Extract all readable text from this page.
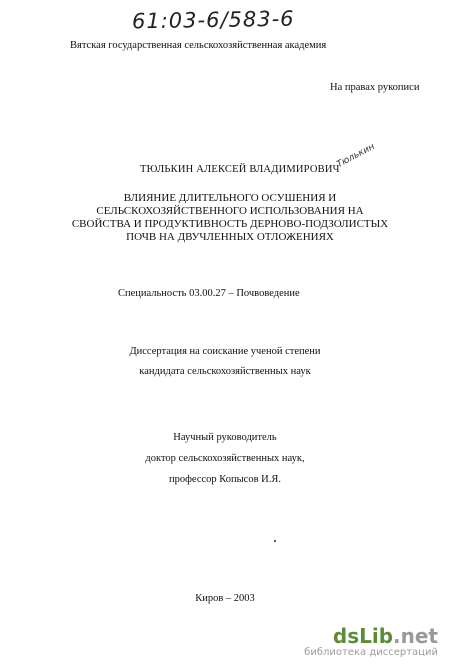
61:03-6/583-6
Вятская государственная сельскохозяйственная академия
На правах рукописи
ТЮЛЬКИН АЛЕКСЕЙ ВЛАДИМИРОВИЧ
Тюлькин
ВЛИЯНИЕ ДЛИТЕЛЬНОГО ОСУШЕНИЯ И
СЕЛЬСКОХОЗЯЙСТВЕННОГО ИСПОЛЬЗОВАНИЯ НА
СВОЙСТВА И ПРОДУКТИВНОСТЬ ДЕРНОВО-ПОДЗОЛИСТЫХ
ПОЧВ НА ДВУЧЛЕННЫХ ОТЛОЖЕНИЯХ
Специальность 03.00.27 – Почвоведение
Диссертация на соискание ученой степени
кандидата сельскохозяйственных наук
Научный руководитель
доктор сельскохозяйственных наук,
профессор Копысов И.Я.
Киров – 2003
dsLib.net
библиотека диссертаций
